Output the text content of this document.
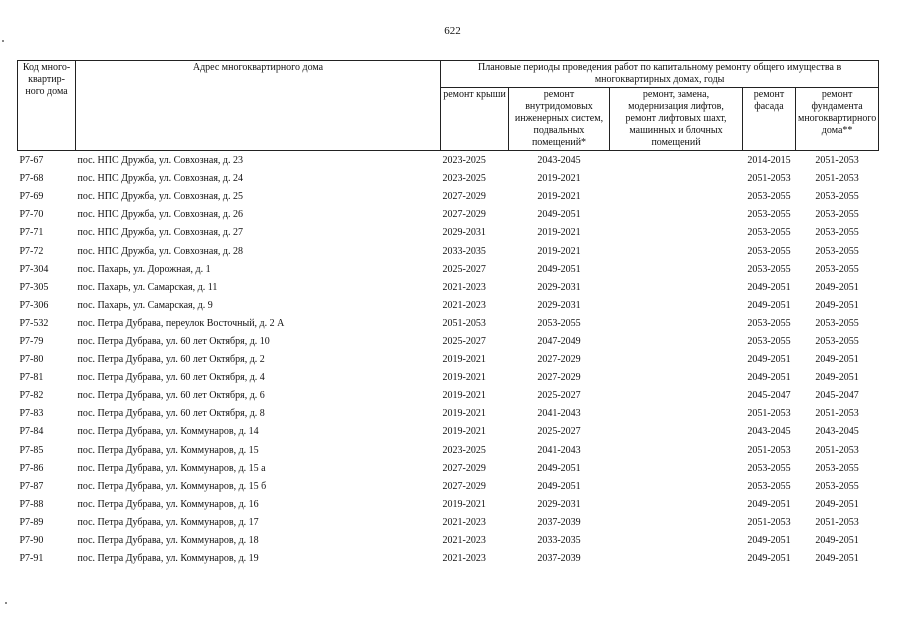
622
Код много-квартир-ного дома	Адрес многоквартирного дома	Плановые периоды проведения работ по капитальному ремонту общего имущества в многоквартирных домах, годы				
		ремонт крыши	ремонт внутридомовых инженерных систем, подвальных помещений*	ремонт, замена, модернизация лифтов, ремонт лифтовых шахт, машинных и блочных помещений	ремонт фасада	ремонт фундамента многоквартирного дома**
Р7-67	пос. НПС Дружба, ул. Совхозная, д. 23	2023-2025	2043-2045		2014-2015	2051-2053
Р7-68	пос. НПС Дружба, ул. Совхозная, д. 24	2023-2025	2019-2021		2051-2053	2051-2053
Р7-69	пос. НПС Дружба, ул. Совхозная, д. 25	2027-2029	2019-2021		2053-2055	2053-2055
Р7-70	пос. НПС Дружба, ул. Совхозная, д. 26	2027-2029	2049-2051		2053-2055	2053-2055
Р7-71	пос. НПС Дружба, ул. Совхозная, д. 27	2029-2031	2019-2021		2053-2055	2053-2055
Р7-72	пос. НПС Дружба, ул. Совхозная, д. 28	2033-2035	2019-2021		2053-2055	2053-2055
Р7-304	пос. Пахарь, ул. Дорожная, д. 1	2025-2027	2049-2051		2053-2055	2053-2055
Р7-305	пос. Пахарь, ул. Самарская, д. 11	2021-2023	2029-2031		2049-2051	2049-2051
Р7-306	пос. Пахарь, ул. Самарская, д. 9	2021-2023	2029-2031		2049-2051	2049-2051
Р7-532	пос. Петра Дубрава, переулок Восточный, д. 2 А	2051-2053	2053-2055		2053-2055	2053-2055
Р7-79	пос. Петра Дубрава, ул. 60 лет Октября, д. 10	2025-2027	2047-2049		2053-2055	2053-2055
Р7-80	пос. Петра Дубрава, ул. 60 лет Октября, д. 2	2019-2021	2027-2029		2049-2051	2049-2051
Р7-81	пос. Петра Дубрава, ул. 60 лет Октября, д. 4	2019-2021	2027-2029		2049-2051	2049-2051
Р7-82	пос. Петра Дубрава, ул. 60 лет Октября, д. 6	2019-2021	2025-2027		2045-2047	2045-2047
Р7-83	пос. Петра Дубрава, ул. 60 лет Октября, д. 8	2019-2021	2041-2043		2051-2053	2051-2053
Р7-84	пос. Петра Дубрава, ул. Коммунаров, д. 14	2019-2021	2025-2027		2043-2045	2043-2045
Р7-85	пос. Петра Дубрава, ул. Коммунаров, д. 15	2023-2025	2041-2043		2051-2053	2051-2053
Р7-86	пос. Петра Дубрава, ул. Коммунаров, д. 15 а	2027-2029	2049-2051		2053-2055	2053-2055
Р7-87	пос. Петра Дубрава, ул. Коммунаров, д. 15 б	2027-2029	2049-2051		2053-2055	2053-2055
Р7-88	пос. Петра Дубрава, ул. Коммунаров, д. 16	2019-2021	2029-2031		2049-2051	2049-2051
Р7-89	пос. Петра Дубрава, ул. Коммунаров, д. 17	2021-2023	2037-2039		2051-2053	2051-2053
Р7-90	пос. Петра Дубрава, ул. Коммунаров, д. 18	2021-2023	2033-2035		2049-2051	2049-2051
Р7-91	пос. Петра Дубрава, ул. Коммунаров, д. 19	2021-2023	2037-2039		2049-2051	2049-2051
